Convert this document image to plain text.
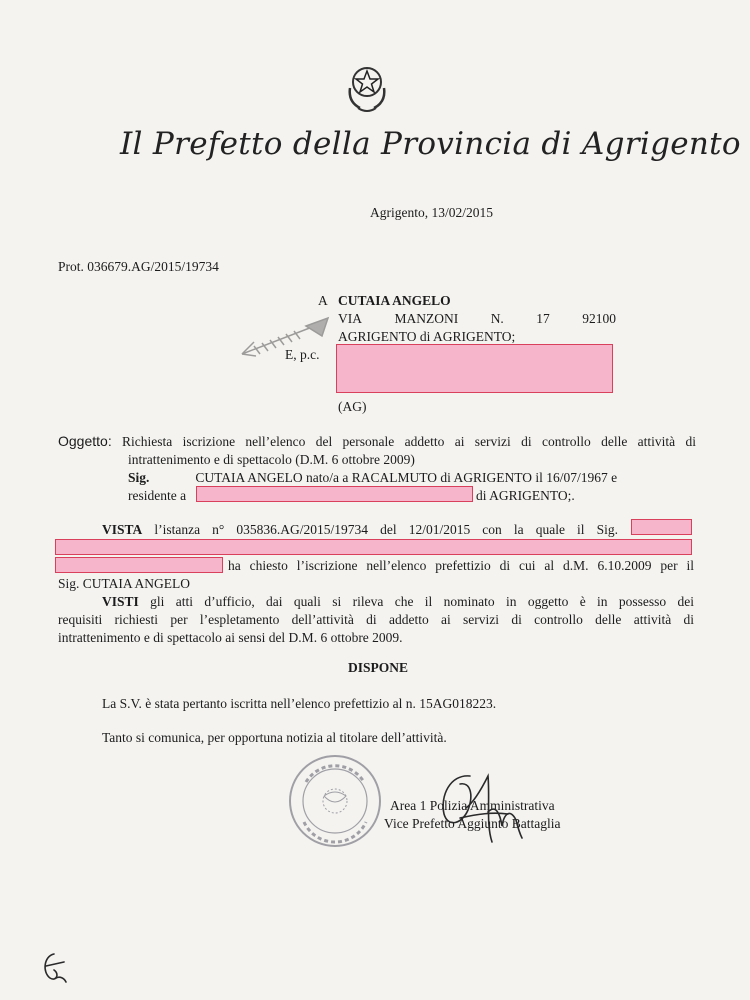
Il Prefetto della Provincia di Agrigento
Agrigento, 13/02/2015
Prot. 036679.AG/2015/19734
A CUTAIA ANGELO
VIA MANZONI N. 17 92100
AGRIGENTO di AGRIGENTO;
E, p.c.
(AG)
Oggetto: Richiesta iscrizione nell’elenco del personale addetto ai servizi di controllo delle attività di
intrattenimento e di spettacolo (D.M. 6 ottobre 2009)
Sig.	CUTAIA ANGELO nato/a a RACALMUTO di AGRIGENTO il 16/07/1967 e
residente a	di AGRIGENTO;.
VISTA l’istanza n° 035836.AG/2015/19734 del 12/01/2015 con la quale il Sig.
ha chiesto l’iscrizione nell’elenco prefettizio di cui al d.M. 6.10.2009 per il
Sig. CUTAIA ANGELO
VISTI gli atti d’ufficio, dai quali si rileva che il nominato in oggetto è in possesso dei
requisiti richiesti per l’espletamento dell’attività di addetto ai servizi di controllo delle attività di
intrattenimento e di spettacolo ai sensi del D.M. 6 ottobre 2009.
DISPONE
La S.V. è stata pertanto iscritta nell’elenco prefettizio al n. 15AG018223.
Tanto si comunica, per opportuna notizia al titolare dell’attività.
Area 1 Polizia Amministrativa
Vice Prefetto Aggiunto Battaglia
